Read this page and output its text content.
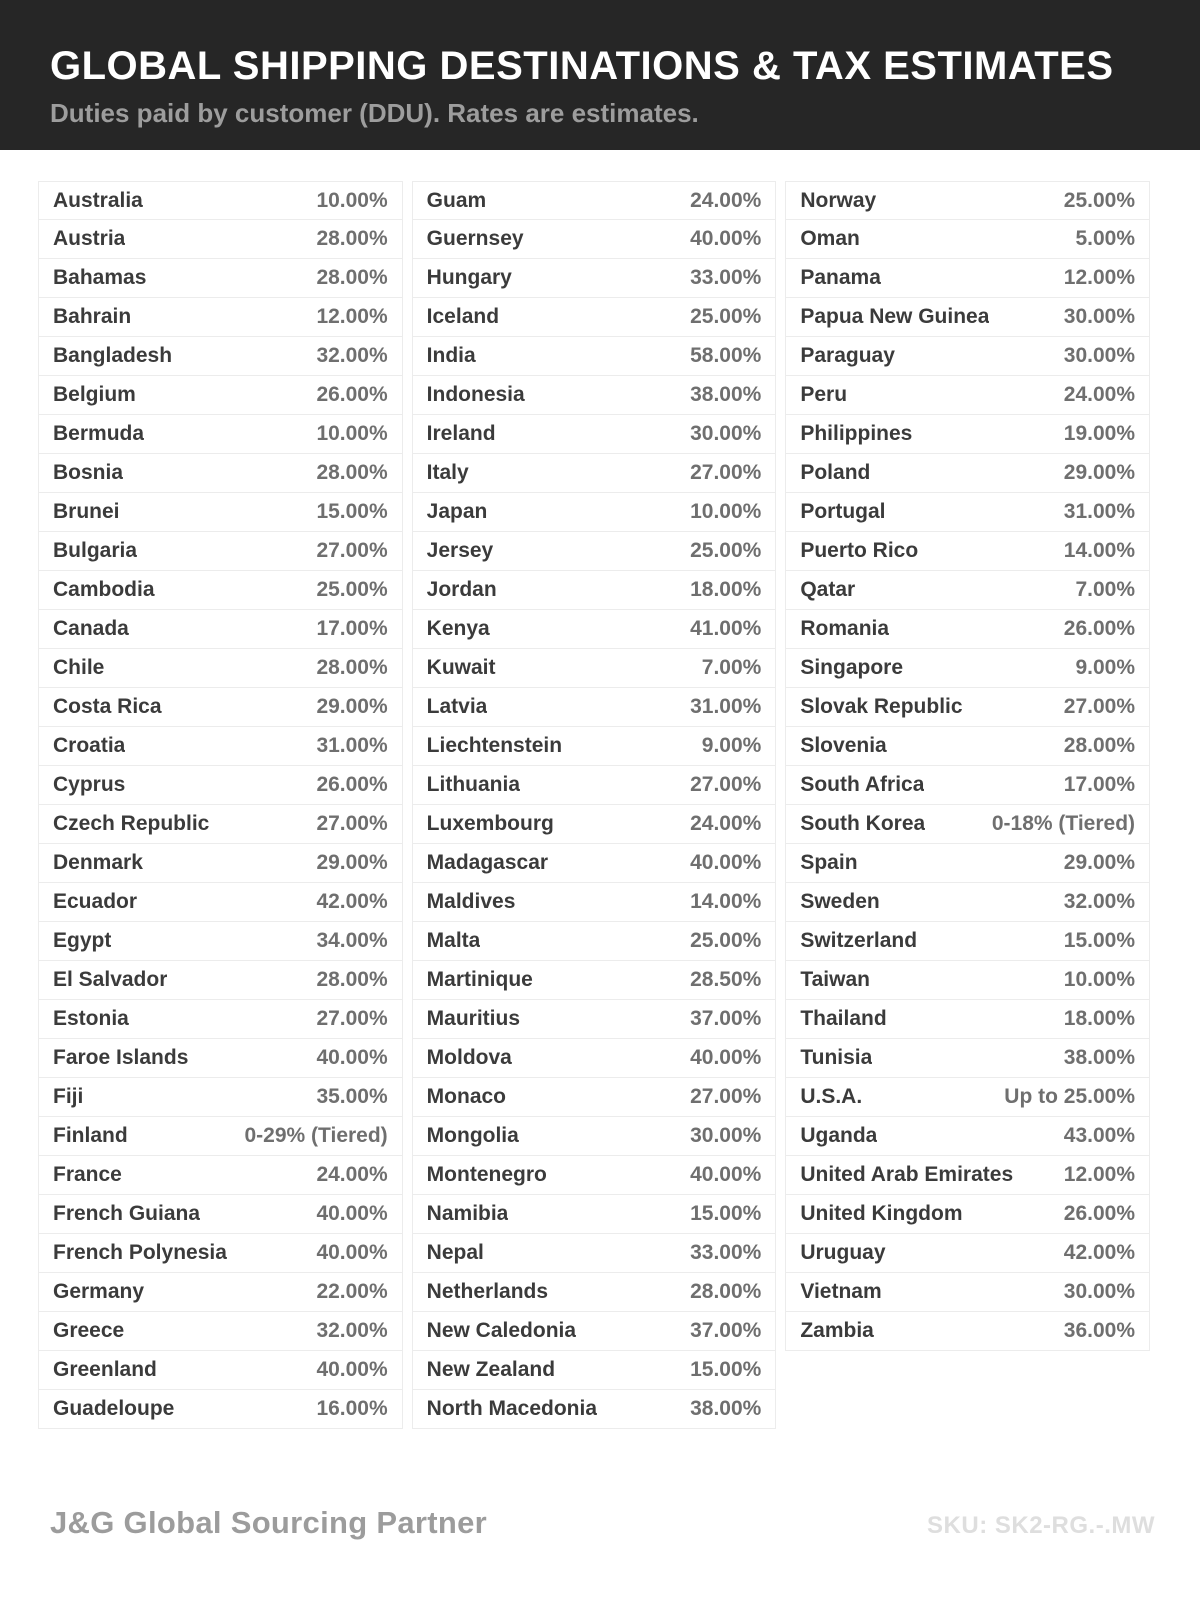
GLOBAL SHIPPING DESTINATIONS & TAX ESTIMATES

Duties paid by customer (DDU). Rates are estimates.

Australia	10.00%
Austria	28.00%
Bahamas	28.00%
Bahrain	12.00%
Bangladesh	32.00%
Belgium	26.00%
Bermuda	10.00%
Bosnia	28.00%
Brunei	15.00%
Bulgaria	27.00%
Cambodia	25.00%
Canada	17.00%
Chile	28.00%
Costa Rica	29.00%
Croatia	31.00%
Cyprus	26.00%
Czech Republic	27.00%
Denmark	29.00%
Ecuador	42.00%
Egypt	34.00%
El Salvador	28.00%
Estonia	27.00%
Faroe Islands	40.00%
Fiji	35.00%
Finland	0-29% (Tiered)
France	24.00%
French Guiana	40.00%
French Polynesia	40.00%
Germany	22.00%
Greece	32.00%
Greenland	40.00%
Guadeloupe	16.00%
Guam	24.00%
Guernsey	40.00%
Hungary	33.00%
Iceland	25.00%
India	58.00%
Indonesia	38.00%
Ireland	30.00%
Italy	27.00%
Japan	10.00%
Jersey	25.00%
Jordan	18.00%
Kenya	41.00%
Kuwait	7.00%
Latvia	31.00%
Liechtenstein	9.00%
Lithuania	27.00%
Luxembourg	24.00%
Madagascar	40.00%
Maldives	14.00%
Malta	25.00%
Martinique	28.50%
Mauritius	37.00%
Moldova	40.00%
Monaco	27.00%
Mongolia	30.00%
Montenegro	40.00%
Namibia	15.00%
Nepal	33.00%
Netherlands	28.00%
New Caledonia	37.00%
New Zealand	15.00%
North Macedonia	38.00%
Norway	25.00%
Oman	5.00%
Panama	12.00%
Papua New Guinea	30.00%
Paraguay	30.00%
Peru	24.00%
Philippines	19.00%
Poland	29.00%
Portugal	31.00%
Puerto Rico	14.00%
Qatar	7.00%
Romania	26.00%
Singapore	9.00%
Slovak Republic	27.00%
Slovenia	28.00%
South Africa	17.00%
South Korea	0-18% (Tiered)
Spain	29.00%
Sweden	32.00%
Switzerland	15.00%
Taiwan	10.00%
Thailand	18.00%
Tunisia	38.00%
U.S.A.	Up to 25.00%
Uganda	43.00%
United Arab Emirates 12.00%
United Kingdom	26.00%
Uruguay	42.00%
Vietnam	30.00%
Zambia	36.00%
J&G Global Sourcing Partner	SKU: SK2-RG.-.MW
